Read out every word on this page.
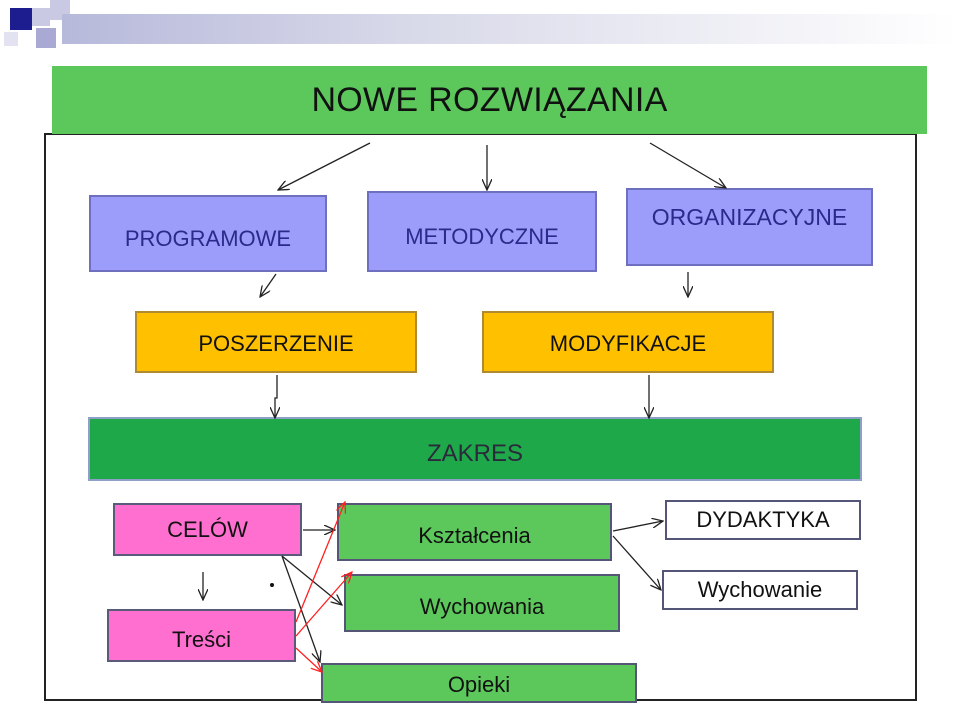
NOWE ROZWIĄZANIA
PROGRAMOWE	METODYCZNE
ORGANIZACYJNE
POSZERZENIE	MODYFIKACJE
ZAKRES
CELÓW
Treści
Kształcenia
Wychowania
Opieki
DYDAKTYKA
Wychowanie
